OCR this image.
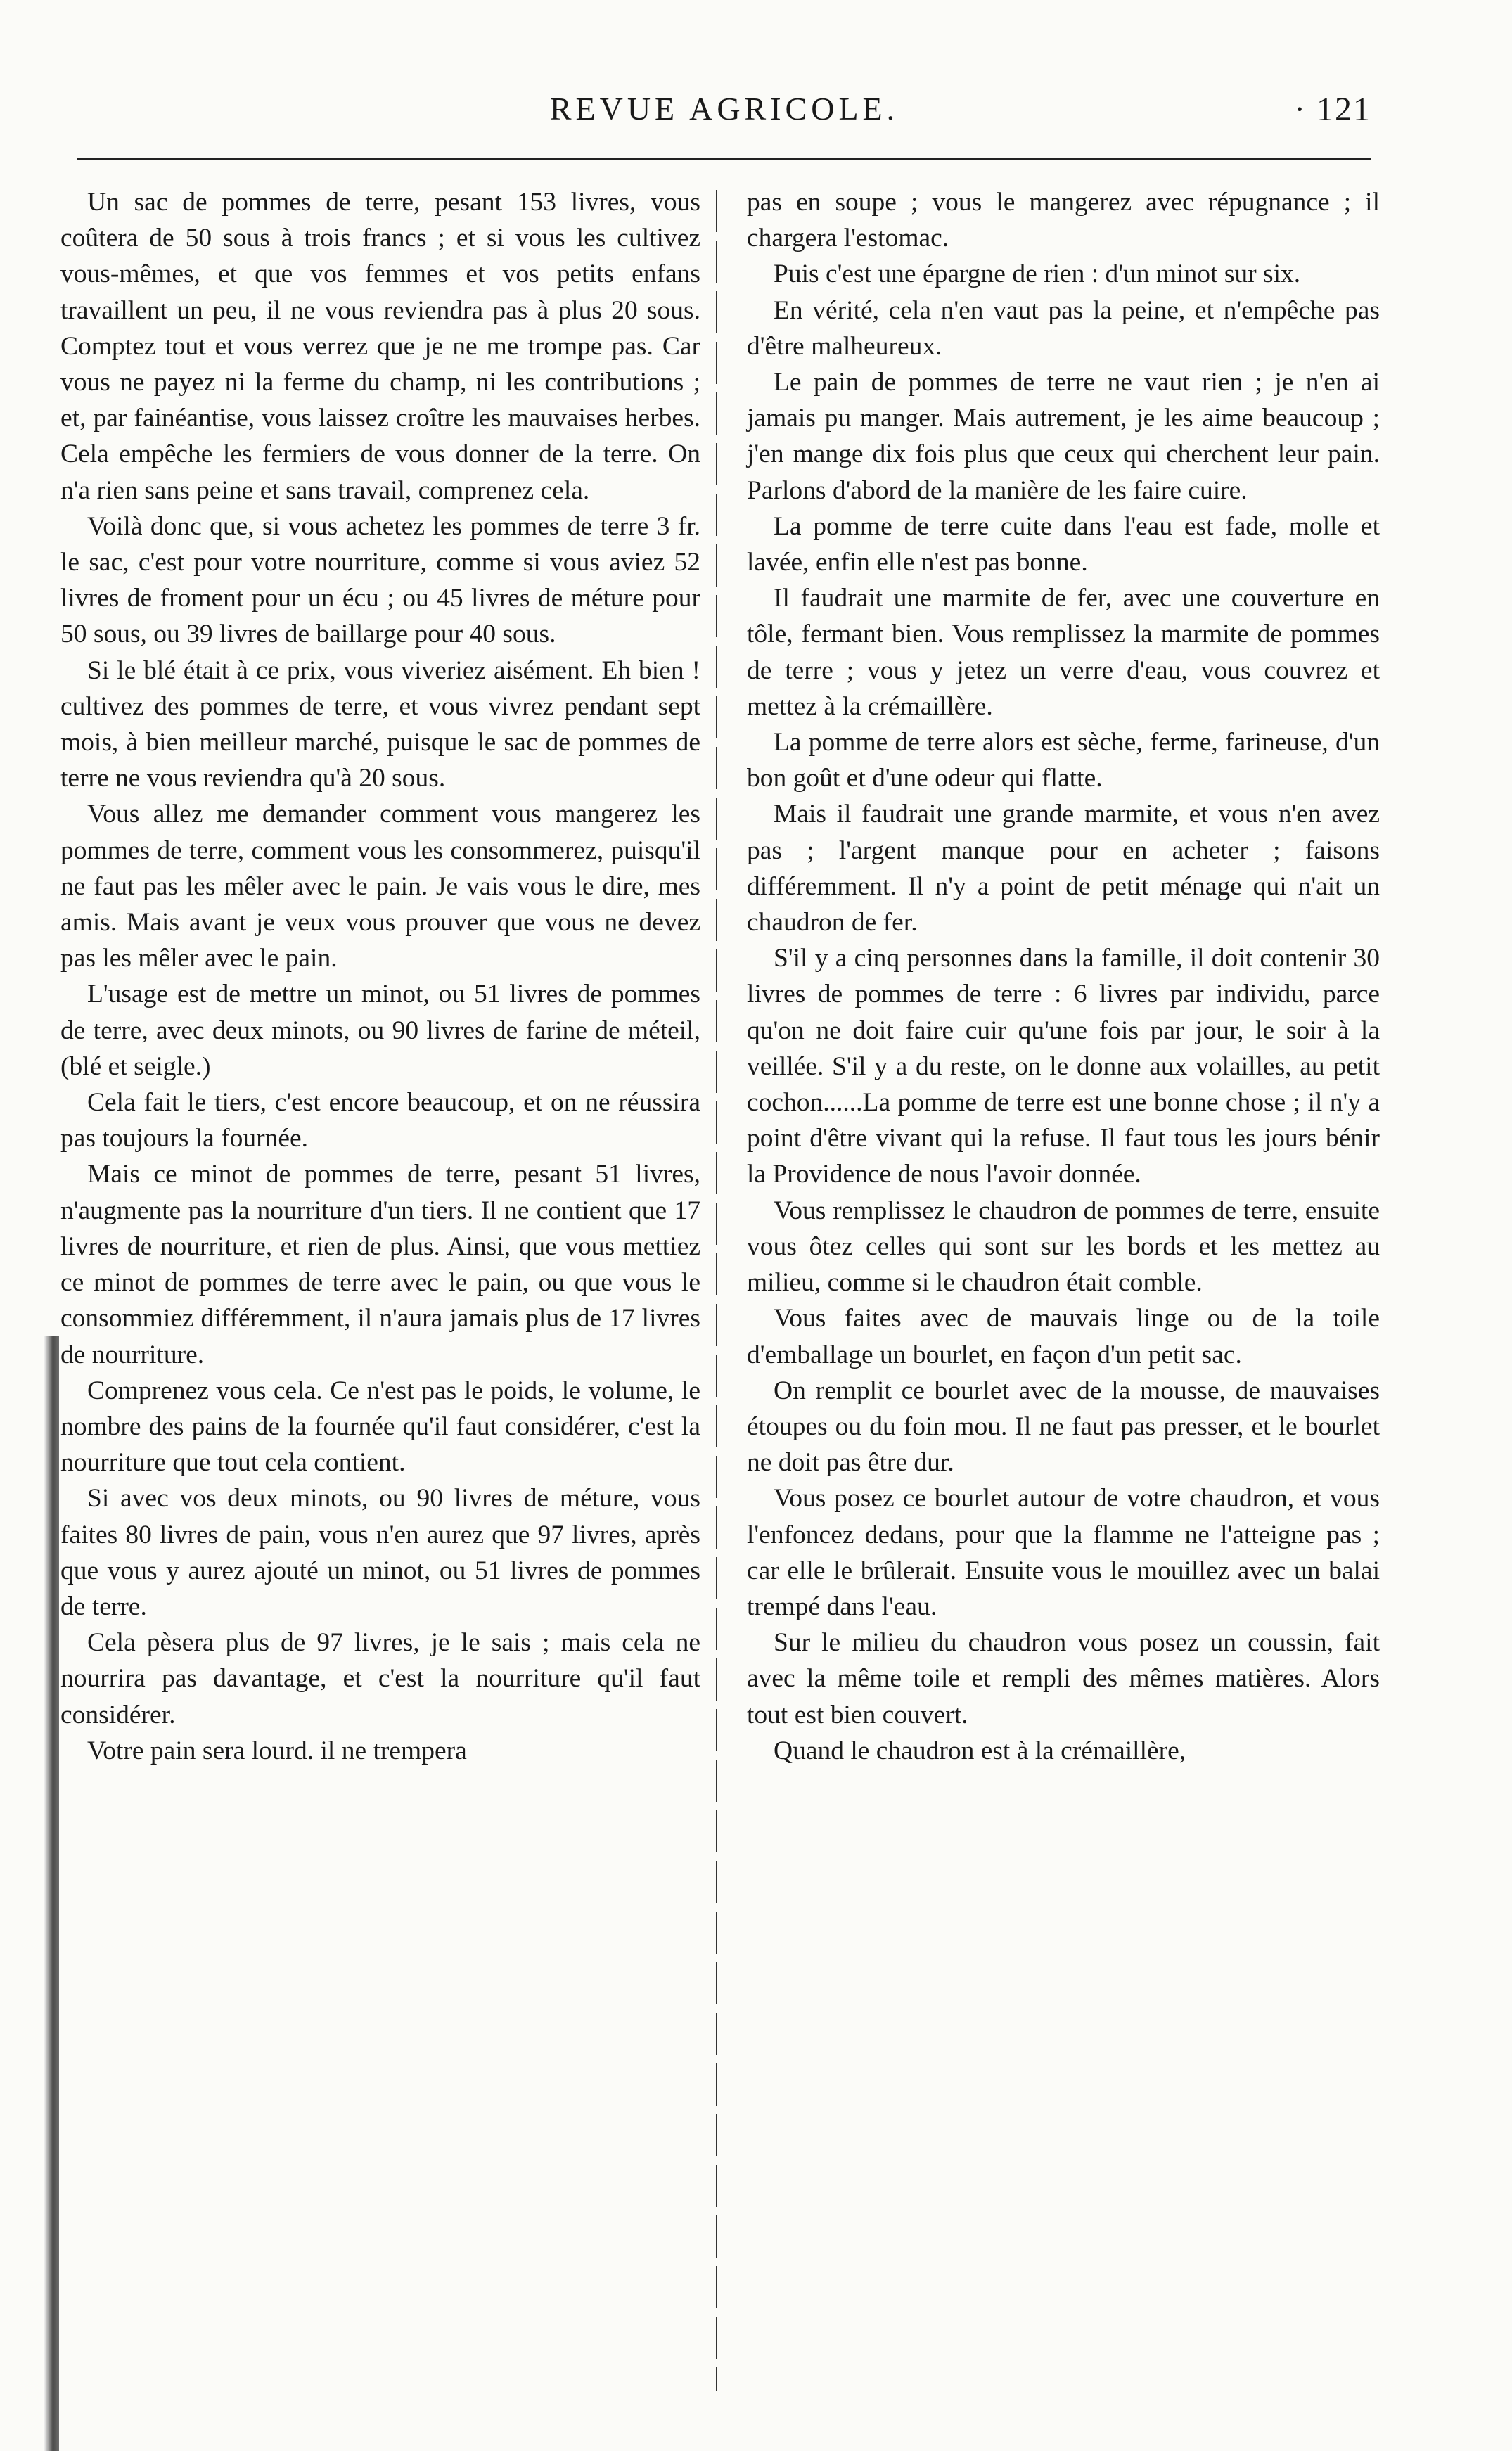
REVUE AGRICOLE.	· 121

Un sac de pommes de terre, pesant 153 livres, vous coûtera de 50 sous à trois francs ; et si vous les cultivez vous-mêmes, et que vos femmes et vos petits enfans travaillent un peu, il ne vous reviendra pas à plus 20 sous. Comptez tout et vous verrez que je ne me trompe pas. Car vous ne payez ni la ferme du champ, ni les contributions ; et, par fainéantise, vous laissez croître les mauvaises herbes. Cela empêche les fermiers de vous donner de la terre. On n'a rien sans peine et sans travail, comprenez cela.

Voilà donc que, si vous achetez les pommes de terre 3 fr. le sac, c'est pour votre nourriture, comme si vous aviez 52 livres de froment pour un écu ; ou 45 livres de méture pour 50 sous, ou 39 livres de baillarge pour 40 sous.

Si le blé était à ce prix, vous viveriez aisément. Eh bien ! cultivez des pommes de terre, et vous vivrez pendant sept mois, à bien meilleur marché, puisque le sac de pommes de terre ne vous reviendra qu'à 20 sous.

Vous allez me demander comment vous mangerez les pommes de terre, comment vous les consommerez, puisqu'il ne faut pas les mêler avec le pain. Je vais vous le dire, mes amis. Mais avant je veux vous prouver que vous ne devez pas les mêler avec le pain.

L'usage est de mettre un minot, ou 51 livres de pommes de terre, avec deux minots, ou 90 livres de farine de méteil, (blé et seigle.)

Cela fait le tiers, c'est encore beaucoup, et on ne réussira pas toujours la fournée.

Mais ce minot de pommes de terre, pesant 51 livres, n'augmente pas la nourriture d'un tiers. Il ne contient que 17 livres de nourriture, et rien de plus. Ainsi, que vous mettiez ce minot de pommes de terre avec le pain, ou que vous le consommiez différemment, il n'aura jamais plus de 17 livres de nourriture.

Comprenez vous cela. Ce n'est pas le poids, le volume, le nombre des pains de la fournée qu'il faut considérer, c'est la nourriture que tout cela contient.

Si avec vos deux minots, ou 90 livres de méture, vous faites 80 livres de pain, vous n'en aurez que 97 livres, après que vous y aurez ajouté un minot, ou 51 livres de pommes de terre.

Cela pèsera plus de 97 livres, je le sais ; mais cela ne nourrira pas davantage, et c'est la nourriture qu'il faut considérer.

Votre pain sera lourd. il ne trempera

pas en soupe ; vous le mangerez avec répugnance ; il chargera l'estomac.

Puis c'est une épargne de rien : d'un minot sur six.

En vérité, cela n'en vaut pas la peine, et n'empêche pas d'être malheureux.

Le pain de pommes de terre ne vaut rien ; je n'en ai jamais pu manger. Mais autrement, je les aime beaucoup ; j'en mange dix fois plus que ceux qui cherchent leur pain. Parlons d'abord de la manière de les faire cuire.

La pomme de terre cuite dans l'eau est fade, molle et lavée, enfin elle n'est pas bonne.

Il faudrait une marmite de fer, avec une couverture en tôle, fermant bien. Vous remplissez la marmite de pommes de terre ; vous y jetez un verre d'eau, vous couvrez et mettez à la crémaillère.

La pomme de terre alors est sèche, ferme, farineuse, d'un bon goût et d'une odeur qui flatte.

Mais il faudrait une grande marmite, et vous n'en avez pas ; l'argent manque pour en acheter ; faisons différemment. Il n'y a point de petit ménage qui n'ait un chaudron de fer.

S'il y a cinq personnes dans la famille, il doit contenir 30 livres de pommes de terre : 6 livres par individu, parce qu'on ne doit faire cuir qu'une fois par jour, le soir à la veillée. S'il y a du reste, on le donne aux volailles, au petit cochon......La pomme de terre est une bonne chose ; il n'y a point d'être vivant qui la refuse. Il faut tous les jours bénir la Providence de nous l'avoir donnée.

Vous remplissez le chaudron de pommes de terre, ensuite vous ôtez celles qui sont sur les bords et les mettez au milieu, comme si le chaudron était comble.

Vous faites avec de mauvais linge ou de la toile d'emballage un bourlet, en façon d'un petit sac.

On remplit ce bourlet avec de la mousse, de mauvaises étoupes ou du foin mou. Il ne faut pas presser, et le bourlet ne doit pas être dur.

Vous posez ce bourlet autour de votre chaudron, et vous l'enfoncez dedans, pour que la flamme ne l'atteigne pas ; car elle le brûlerait. Ensuite vous le mouillez avec un balai trempé dans l'eau.

Sur le milieu du chaudron vous posez un coussin, fait avec la même toile et rempli des mêmes matières. Alors tout est bien couvert.

Quand le chaudron est à la crémaillère,
